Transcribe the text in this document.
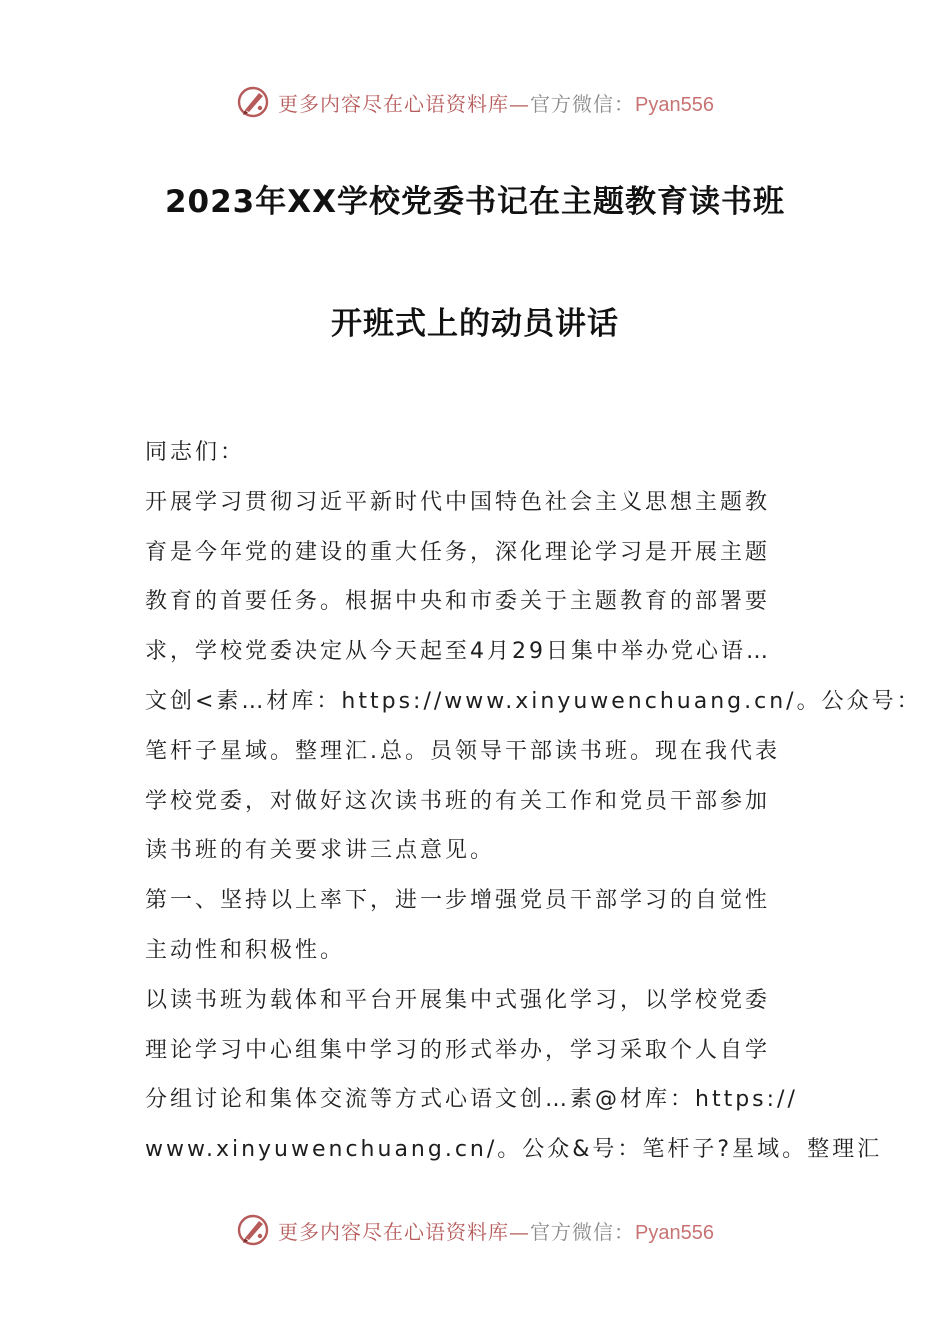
更多内容尽在心语资料库—官方微信：Pyan556
2023年XX学校党委书记在主题教育读书班
开班式上的动员讲话
同志们：
开展学习贯彻习近平新时代中国特色社会主义思想主题教
育是今年党的建设的重大任务，深化理论学习是开展主题
教育的首要任务。根据中央和市委关于主题教育的部署要
求，学校党委决定从今天起至4月29日集中举办党心语…
文创<素…材库：https://www.xinyuwenchuang.cn/。公众号：
笔杆子星域。整理汇.总。员领导干部读书班。现在我代表
学校党委，对做好这次读书班的有关工作和党员干部参加
读书班的有关要求讲三点意见。
第一、坚持以上率下，进一步增强党员干部学习的自觉性
主动性和积极性。
以读书班为载体和平台开展集中式强化学习，以学校党委
理论学习中心组集中学习的形式举办，学习采取个人自学
分组讨论和集体交流等方式心语文创…素@材库：https://
www.xinyuwenchuang.cn/。公众&号：笔杆子?星域。整理汇
更多内容尽在心语资料库—官方微信：Pyan556
